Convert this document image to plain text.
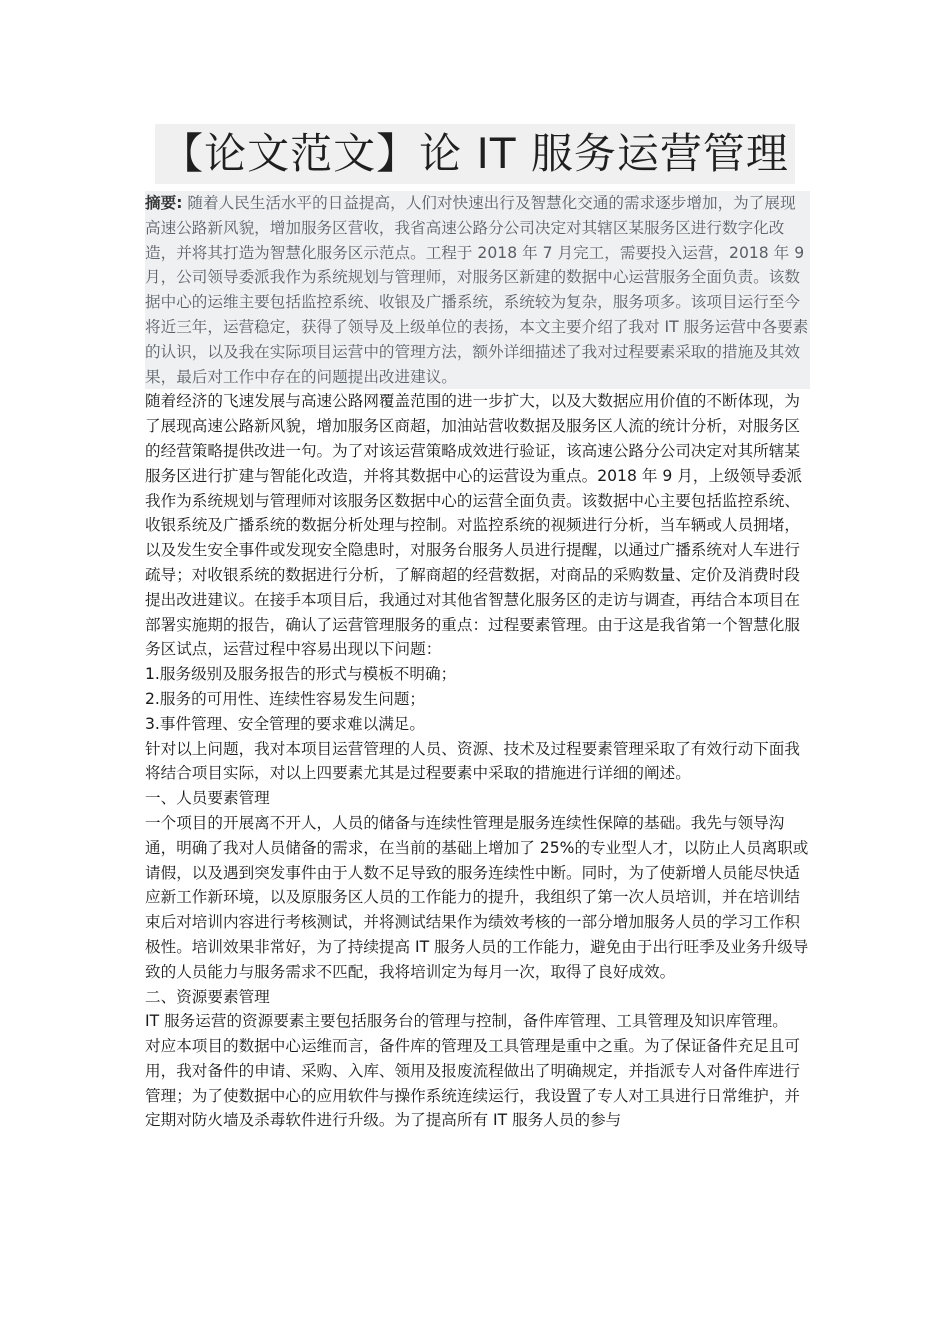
【论文范文】论 IT 服务运营管理

摘要: 随着人民生活水平的日益提高，人们对快速出行及智慧化交通的需求逐步增加，为了展现高速公路新风貌，增加服务区营收，我省高速公路分公司决定对其辖区某服务区进行数字化改造，并将其打造为智慧化服务区示范点。工程于 2018 年 7 月完工，需要投入运营，2018 年 9 月，公司领导委派我作为系统规划与管理师，对服务区新建的数据中心运营服务全面负责。该数据中心的运维主要包括监控系统、收银及广播系统，系统较为复杂，服务项多。该项目运行至今将近三年，运营稳定，获得了领导及上级单位的表扬，本文主要介绍了我对 IT 服务运营中各要素的认识，以及我在实际项目运营中的管理方法，额外详细描述了我对过程要素采取的措施及其效果，最后对工作中存在的问题提出改进建议。

随着经济的飞速发展与高速公路网覆盖范围的进一步扩大，以及大数据应用价值的不断体现，为了展现高速公路新风貌，增加服务区商超，加油站营收数据及服务区人流的统计分析，对服务区的经营策略提供改进一句。为了对该运营策略成效进行验证，该高速公路分公司决定对其所辖某服务区进行扩建与智能化改造，并将其数据中心的运营设为重点。2018 年 9 月，上级领导委派我作为系统规划与管理师对该服务区数据中心的运营全面负责。该数据中心主要包括监控系统、收银系统及广播系统的数据分析处理与控制。对监控系统的视频进行分析，当车辆或人员拥堵，以及发生安全事件或发现安全隐患时，对服务台服务人员进行提醒，以通过广播系统对人车进行疏导；对收银系统的数据进行分析，了解商超的经营数据，对商品的采购数量、定价及消费时段提出改进建议。在接手本项目后，我通过对其他省智慧化服务区的走访与调查，再结合本项目在部署实施期的报告，确认了运营管理服务的重点：过程要素管理。由于这是我省第一个智慧化服务区试点，运营过程中容易出现以下问题：

1.服务级别及服务报告的形式与模板不明确；

2.服务的可用性、连续性容易发生问题；

3.事件管理、安全管理的要求难以满足。

针对以上问题，我对本项目运营管理的人员、资源、技术及过程要素管理采取了有效行动下面我将结合项目实际，对以上四要素尤其是过程要素中采取的措施进行详细的阐述。

一、人员要素管理

一个项目的开展离不开人，人员的储备与连续性管理是服务连续性保障的基础。我先与领导沟通，明确了我对人员储备的需求，在当前的基础上增加了 25%的专业型人才，以防止人员离职或请假，以及遇到突发事件由于人数不足导致的服务连续性中断。同时，为了使新增人员能尽快适应新工作新环境，以及原服务区人员的工作能力的提升，我组织了第一次人员培训，并在培训结束后对培训内容进行考核测试，并将测试结果作为绩效考核的一部分增加服务人员的学习工作积极性。培训效果非常好，为了持续提高 IT 服务人员的工作能力，避免由于出行旺季及业务升级导致的人员能力与服务需求不匹配，我将培训定为每月一次，取得了良好成效。

二、资源要素管理

IT 服务运营的资源要素主要包括服务台的管理与控制，备件库管理、工具管理及知识库管理。

对应本项目的数据中心运维而言，备件库的管理及工具管理是重中之重。为了保证备件充足且可用，我对备件的申请、采购、入库、领用及报废流程做出了明确规定，并指派专人对备件库进行管理；为了使数据中心的应用软件与操作系统连续运行，我设置了专人对工具进行日常维护，并定期对防火墙及杀毒软件进行升级。为了提高所有 IT 服务人员的参与
